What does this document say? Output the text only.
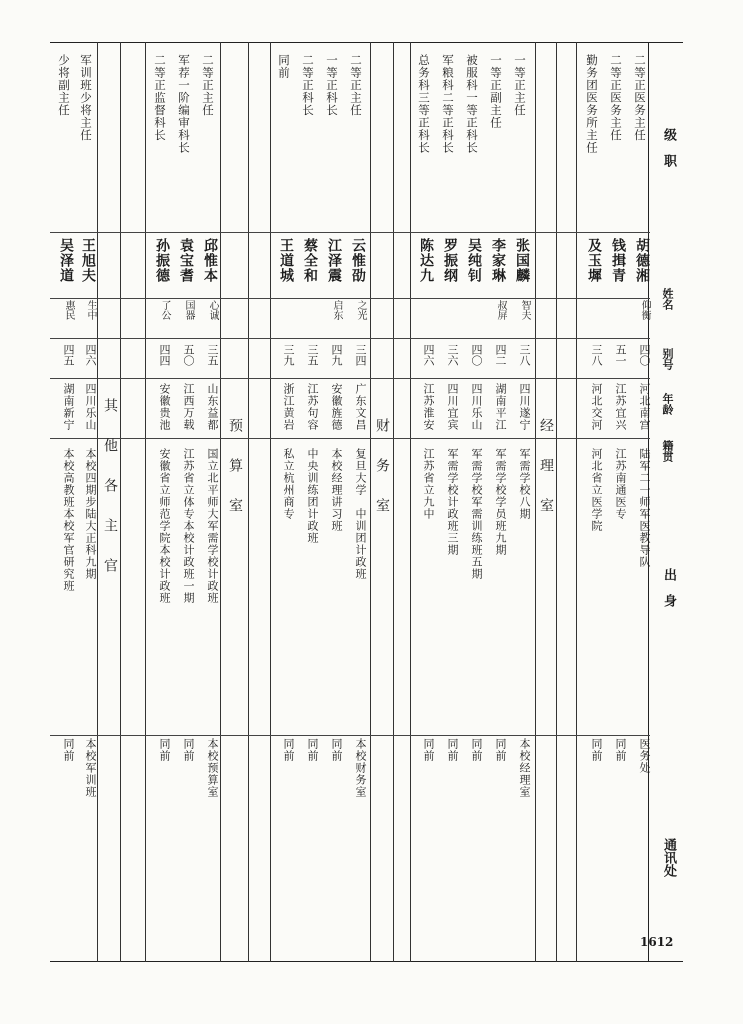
级　职
姓名
别号
年龄
籍贯
出　身
通讯处
经理室
财务室
预算室
其他各主官
二等正医务主任
胡德湘
仰衡
四〇
河北南宫
陆军二一师军医教导队
医务处
二等正医务主任
钱揖青
五一
江苏宜兴
江苏南通医专
同前
勤务团医务所主任
及玉墀
三八
河北交河
河北省立医学院
同前
一等正主任
张国麟
智夫
三八
四川遂宁
军需学校八期
本校经理室
一等正副主任
李家琳
叔屏
四二
湖南平江
军需学校学员班九期
同前
被服科一等正科长
吴纯钊
四〇
四川乐山
军需学校军需训练班五期
同前
军粮科二等正科长
罗振纲
三六
四川宜宾
军需学校计政班三期
同前
总务科三等正科长
陈达九
四六
江苏淮安
江苏省立九中
同前
二等正主任
云惟劭
之光
三四
广东文昌
复旦大学　中训团计政班
本校财务室
一等正科长
江泽震
启东
四九
安徽旌德
本校经理讲习班
同前
二等正科长
蔡全和
三五
江苏句容
中央训练团计政班
同前
同前
王道城
三九
浙江黄岩
私立杭州商专
同前
二等正主任
邱惟本
心诚
三五
山东益都
国立北平师大军需学校计政班
本校预算室
军荐一阶编审科长
袁宝耆
国器
五〇
江西万载
江苏省立体专本校计政班一期
同前
二等正监督科长
孙振德
了公
四四
安徽贵池
安徽省立师范学院本校计政班
同前
军训班少将主任
王旭夫
生中
四六
四川乐山
本校四期步陆大正科九期
本校军训班
少将副主任
吴泽道
惠民
四五
湖南新宁
本校高教班本校军官研究班
同前
1612
